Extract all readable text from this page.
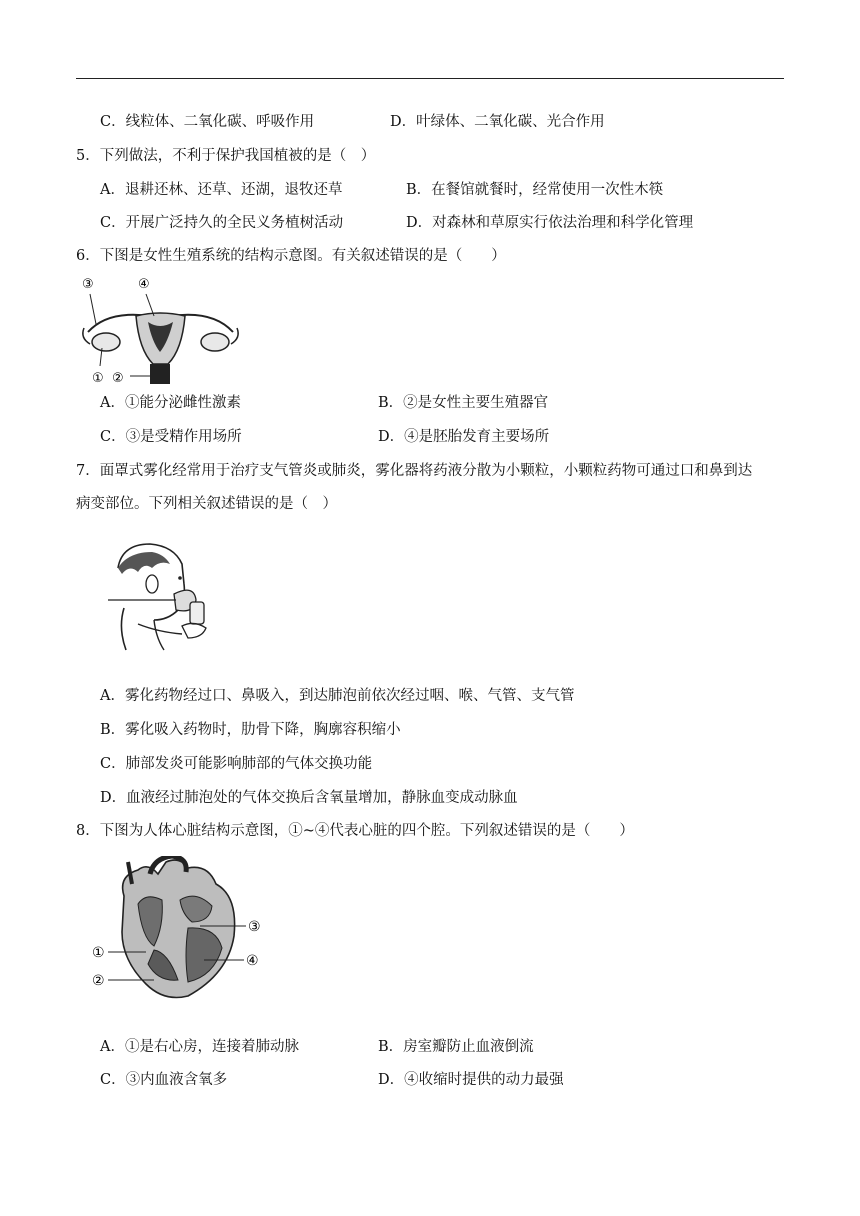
C．线粒体、二氧化碳、呼吸作用	D．叶绿体、二氧化碳、光合作用
5．下列做法，不利于保护我国植被的是（　）
A．退耕还林、还草、还湖，退牧还草	B．在餐馆就餐时，经常使用一次性木筷
C．开展广泛持久的全民义务植树活动	D．对森林和草原实行依法治理和科学化管理
6．下图是女性生殖系统的结构示意图。有关叙述错误的是（　　）
③	④
① ②
A．①能分泌雌性激素	B．②是女性主要生殖器官
C．③是受精作用场所	D．④是胚胎发育主要场所
7．面罩式雾化经常用于治疗支气管炎或肺炎，雾化器将药液分散为小颗粒，小颗粒药物可通过口和鼻到达
病变部位。下列相关叙述错误的是（　）
A．雾化药物经过口、鼻吸入，到达肺泡前依次经过咽、喉、气管、支气管
B．雾化吸入药物时，肋骨下降，胸廓容积缩小
C．肺部发炎可能影响肺部的气体交换功能
D．血液经过肺泡处的气体交换后含氧量增加，静脉血变成动脉血
8．下图为人体心脏结构示意图，①~④代表心脏的四个腔。下列叙述错误的是（　　）
①
②
③
④
A．①是右心房，连接着肺动脉	B．房室瓣防止血液倒流
C．③内血液含氧多	D．④收缩时提供的动力最强
